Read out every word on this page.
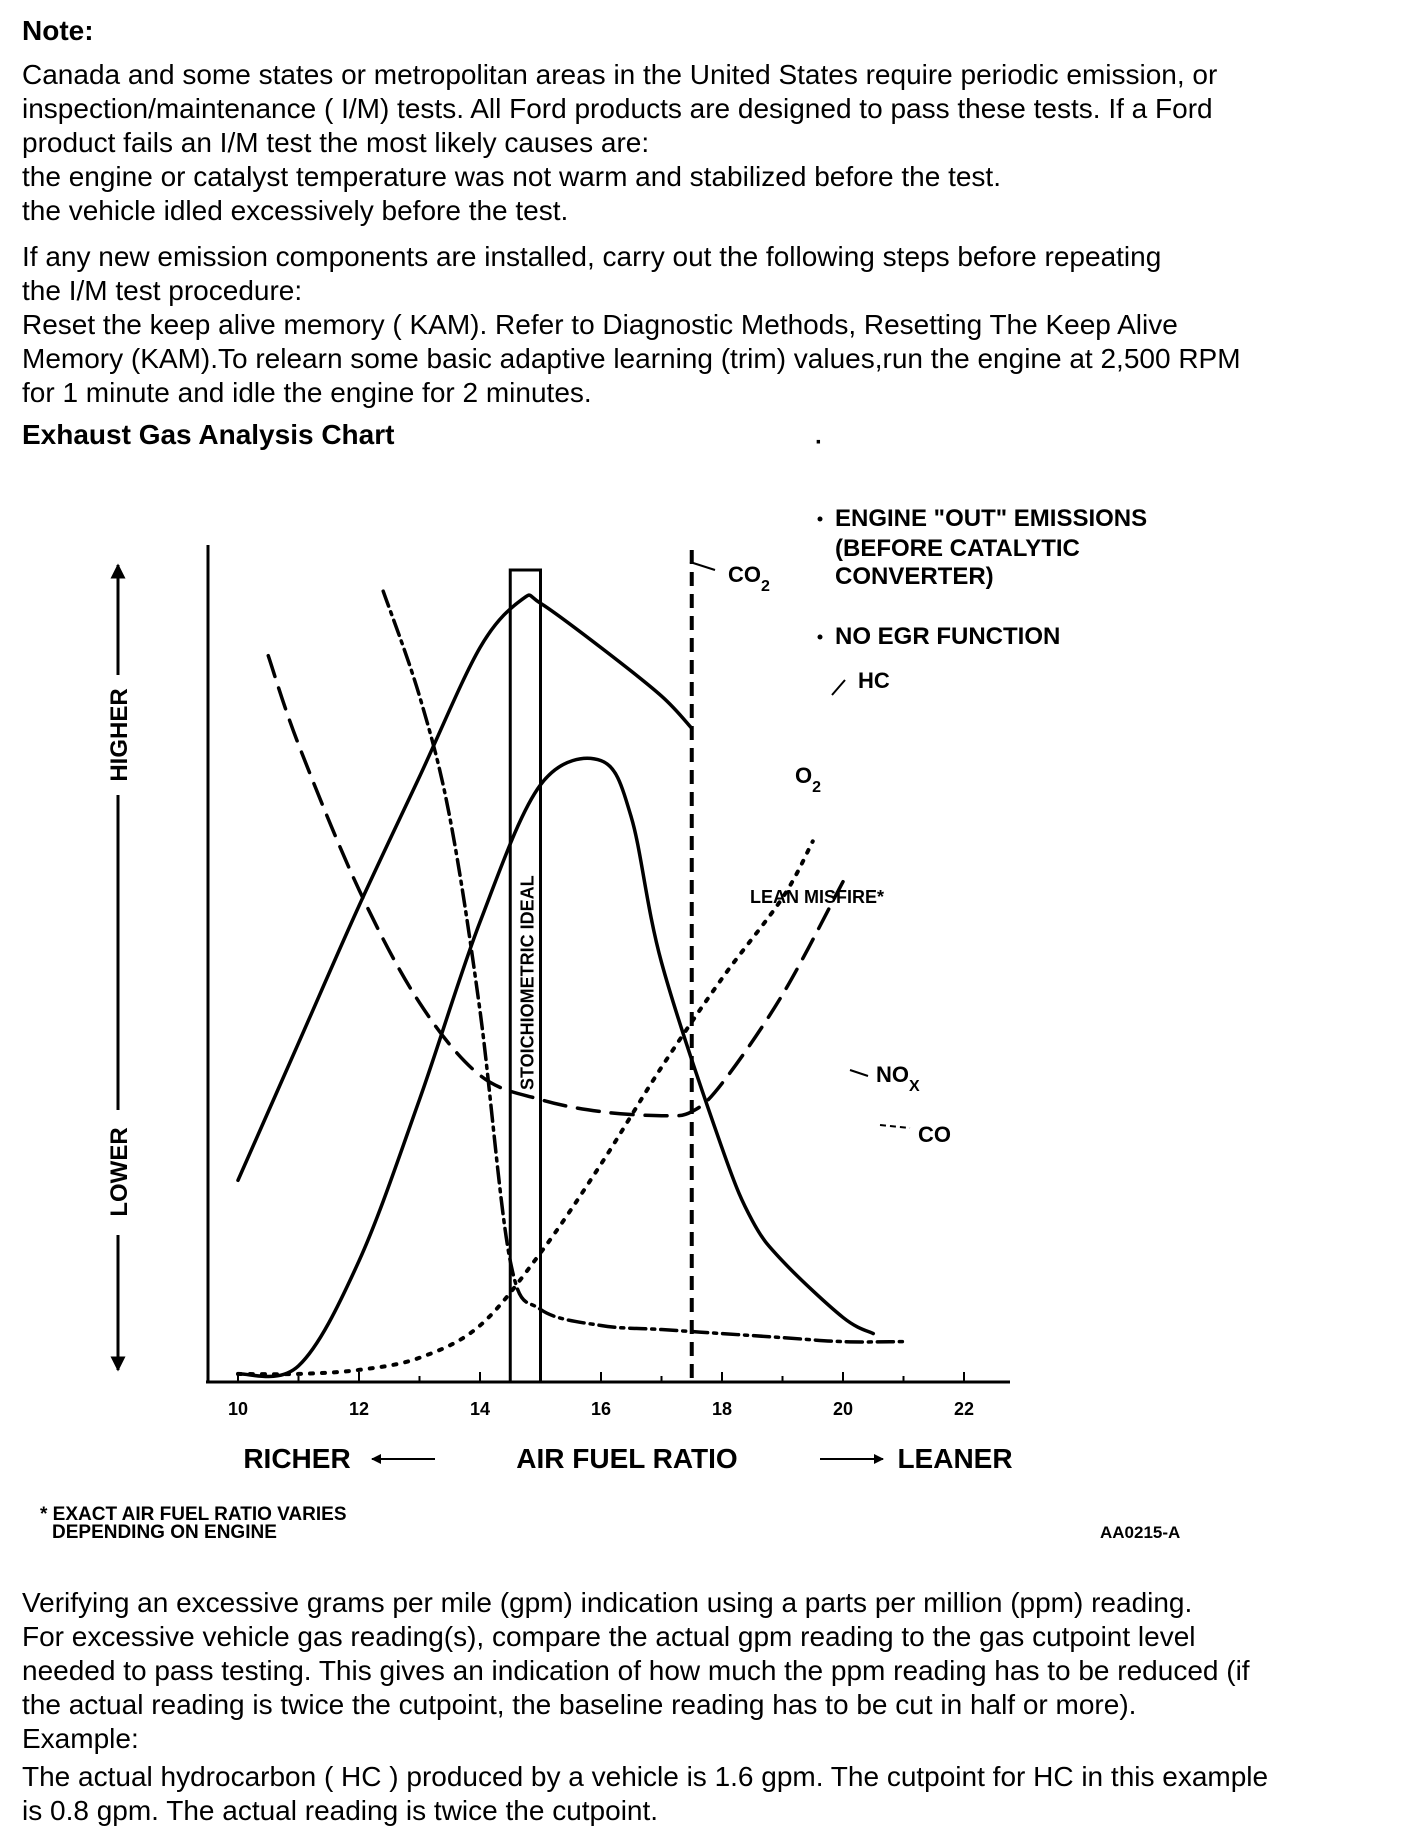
Note:

Canada and some states or metropolitan areas in the United States require periodic emission, or

inspection/maintenance ( I/M) tests. All Ford products are designed to pass these tests. If a Ford

product fails an I/M test the most likely causes are:

the engine or catalyst temperature was not warm and stabilized before the test.

the vehicle idled excessively before the test.

If any new emission components are installed, carry out the following steps before repeating

the I/M test procedure:

Reset the keep alive memory ( KAM). Refer to Diagnostic Methods, Resetting The Keep Alive

Memory (KAM).To relearn some basic adaptive learning (trim) values,run the engine at 2,500 RPM

for 1 minute and idle the engine for 2 minutes.

Exhaust Gas Analysis Chart

10	12	14	16	18	20	22
STOICHIOMETRIC IDEAL
HIGHER
LOWER
RICHER	AIR FUEL RATIO	LEANER
$CO_2$
HC
$O_2$
$NO_X$
CO
LEAN MISFIRE*
·
ENGINE "OUT" EMISSIONS
(BEFORE CATALYTIC
CONVERTER)
NO EGR FUNCTION
* EXACT AIR FUEL RATIO VARIES
DEPENDING ON ENGINE	AA0215-A

Verifying an excessive grams per mile (gpm) indication using a parts per million (ppm) reading.

For excessive vehicle gas reading(s), compare the actual gpm reading to the gas cutpoint level

needed to pass testing. This gives an indication of how much the ppm reading has to be reduced (if

the actual reading is twice the cutpoint, the baseline reading has to be cut in half or more).

Example:

The actual hydrocarbon ( HC ) produced by a vehicle is 1.6 gpm. The cutpoint for HC in this example

is 0.8 gpm. The actual reading is twice the cutpoint.
